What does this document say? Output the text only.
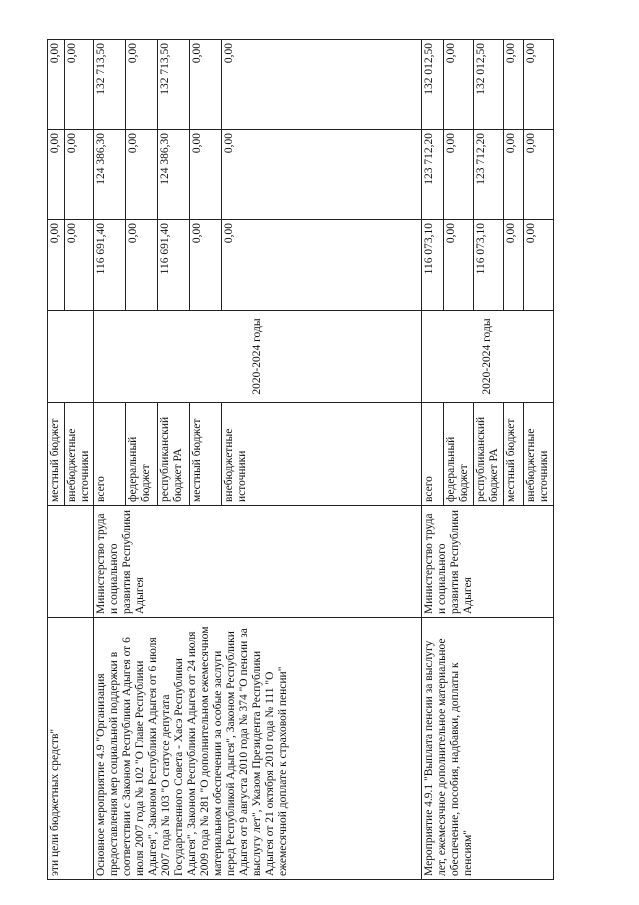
эти цели бюджетных средств"		местный бюджет		0,00	0,00	0,00
		внебюджетные источники		0,00	0,00	0,00
Основное мероприятие 4.9 "Организация предоставления мер социальной поддержки в соответствии с Законом Республики Адыгея от 6 июля 2007 года № 102 "О Главе Республики Адыгея", Законом Республики Адыгея от 6 июля 2007 года № 103 "О статусе депутата Государственного Совета - Хасэ Республики Адыгея", Законом Республики Адыгея от 24 июля 2009 года № 281 "О дополнительном ежемесячном материальном обеспечении за особые заслуги перед Республикой Адыгея", Законом Республики Адыгея от 9 августа 2010 года № 374 "О пенсии за выслугу лет", Указом Президента Республики Адыгея от 21 октября 2010 года № 111 "О ежемесячной доплате к страховой пенсии"	Министерство труда и социального развития Республики Адыгея	всего	2020-2024 годы	116 691,40	124 386,30	132 713,50
		федеральный бюджет		0,00	0,00	0,00
		республиканский бюджет РА		116 691,40	124 386,30	132 713,50
		местный бюджет		0,00	0,00	0,00
		внебюджетные источники		0,00	0,00	0,00
Мероприятие 4.9.1 "Выплата пенсии за выслугу лет, ежемесячное дополнительное материальное обеспечение, пособия, надбавки, доплаты к пенсиям"	Министерство труда и социального развития Республики Адыгея	всего	2020-2024 годы	116 073,10	123 712,20	132 012,50
		федеральный бюджет		0,00	0,00	0,00
		республиканский бюджет РА		116 073,10	123 712,20	132 012,50
		местный бюджет		0,00	0,00	0,00
		внебюджетные источники		0,00	0,00	0,00
